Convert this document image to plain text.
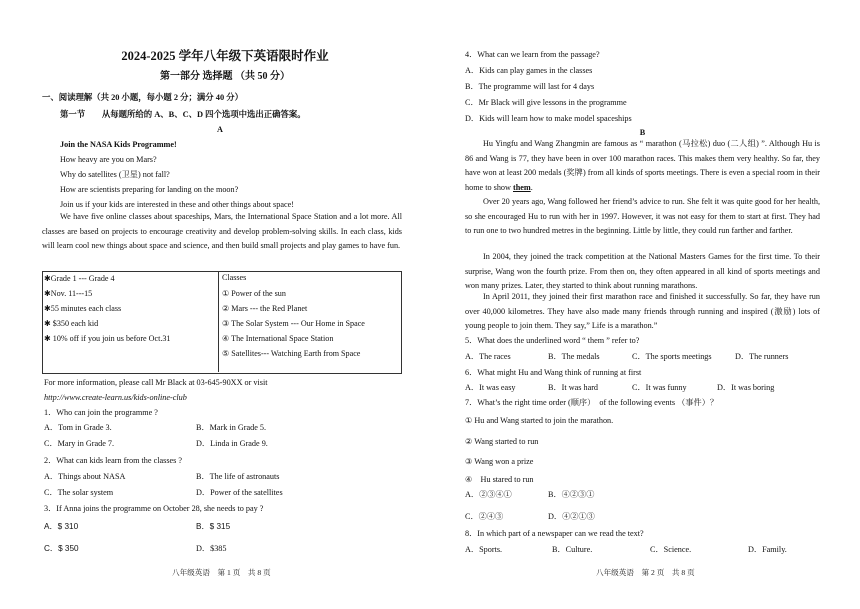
2024-2025 学年八年级下英语限时作业
第一部分 选择题 （共 50 分）
一、阅读理解（共 20 小题，每小题 2 分；满分 40 分）
第一节　　从每题所给的 A、B、C、D 四个选项中选出正确答案。
A
Join the NASA Kids Programme!
How heavy are you on Mars?
Why do satellites (卫星) not fall?
How are scientists preparing for landing on the moon?
Join us if your kids are interested in these and other things about space!
We have five online classes about spaceships, Mars, the International Space Station and a lot more. All classes are based on projects to encourage creativity and develop problem-solving skills. In each class, kids will learn cool new things about space and science, and then build small projects and play games to have fun.
✱Grade 1 --- Grade 4
✱Nov. 11---15
✱55 minutes each class
✱ $350 each kid
✱ 10% off if you join us before Oct.31
Classes
① Power of the sun
② Mars --- the Red Planet
③ The Solar System --- Our Home in Space
④ The International Space Station
⑤ Satellites--- Watching Earth from Space
For more information, please call Mr Black at 03-645-90XX or visit
http://www.create-learn.us/kids-online-club
1．Who can join the programme ?
A．Tom in Grade 3.	B．Mark in Grade 5.
C．Mary in Grade 7.	D．Linda in Grade 9.
2．What can kids learn from the classes ?
A．Things about NASA	B．The life of astronauts
C．The solar system	D．Power of the satellites
3．If Anna joins the programme on October 28, she needs to pay ?
A．$ 310	B．$ 315
C．$ 350	D．$385
八年级英语　第 1 页　共 8 页
4．What can we learn from the passage?
A．Kids can play games in the classes
B．The programme will last for 4 days
C．Mr Black will give lessons in the programme
D．Kids will learn how to make model spaceships
B
Hu Yingfu and Wang Zhangmin are famous as “ marathon (马拉松) duo (二人组) ”. Although Hu is 86 and Wang is 77, they have been in over 100 marathon races. This makes them very healthy. So far, they have won at least 200 medals (奖牌) from all kinds of sports meetings. There is even a special room in their home to show them.
Over 20 years ago, Wang followed her friend’s advice to run. She felt it was quite good for her health, so she encouraged Hu to run with her in 1997. However, it was not easy for them to start at first. They had to run one to two hundred metres in the beginning. Little by little, they could run farther and farther.
In 2004, they joined the track competition at the National Masters Games for the first time. To their surprise, Wang won the fourth prize. From then on, they often appeared in all kind of sports meetings and won many prizes. Later, they started to think about running marathons.
In April 2011, they joined their first marathon race and finished it successfully. So far, they have run over 40,000 kilometres. They have also made many friends through running and inspired (激励) lots of young people to join them. They say,” Life is a marathon.”
5．What does the underlined word “ them ” refer to?
A．The races	B．The medals	C．The sports meetings	D．The runners
6．What might Hu and Wang think of running at first
A．It was easy	B．It was hard	C．It was funny	D．It was boring
7．What’s the right time order (顺序）　of the following events （事件）？
① Hu and Wang started to join the marathon.
② Wang started to run
③ Wang won a prize
④　Hu stared to run
A．②③④①	B．④②③①
C．②④③	D．④②①③
8．In which part of a newspaper can we read the text?
A．Sports.	B．Culture.	C．Science.	D．Family.
八年级英语　第 2 页　共 8 页
